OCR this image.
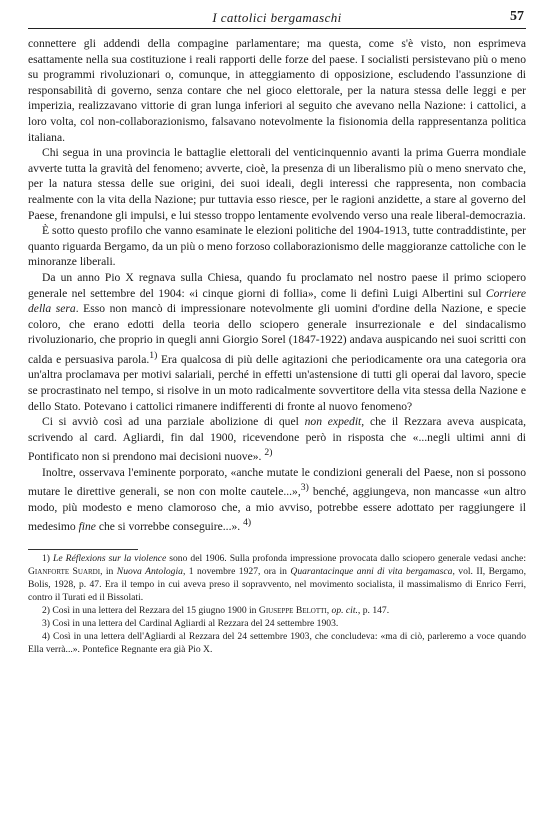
I cattolici bergamaschi	57

connettere gli addendi della compagine parlamentare; ma questa, come s'è visto, non esprimeva esattamente nella sua costituzione i reali rapporti delle forze del paese. I socialisti persistevano più o meno su programmi rivoluzionari o, comunque, in atteggiamento di opposizione, escludendo l'assunzione di responsabilità di governo, senza contare che nel gioco elettorale, per la natura stessa delle leggi e per imperizia, realizzavano vittorie di gran lunga inferiori al seguito che avevano nella Nazione: i cattolici, a loro volta, col non-collaborazionismo, falsavano notevolmente la fisionomia della rappresentanza politica italiana.

Chi segua in una provincia le battaglie elettorali del venticinquennio avanti la prima Guerra mondiale avverte tutta la gravità del fenomeno; avverte, cioè, la presenza di un liberalismo più o meno snervato che, per la natura stessa delle sue origini, dei suoi ideali, degli interessi che rappresenta, non combacia realmente con la vita della Nazione; pur tuttavia esso riesce, per le ragioni anzidette, a stare al governo del Paese, frenandone gli impulsi, e lui stesso troppo lentamente evolvendo verso una reale liberal-democrazia.

È sotto questo profilo che vanno esaminate le elezioni politiche del 1904-1913, tutte contraddistinte, per quanto riguarda Bergamo, da un più o meno forzoso collaborazionismo delle maggioranze cattoliche con le minoranze liberali.

Da un anno Pio X regnava sulla Chiesa, quando fu proclamato nel nostro paese il primo sciopero generale nel settembre del 1904: «i cinque giorni di follia», come li definì Luigi Albertini sul Corriere della sera. Esso non mancò di impressionare notevolmente gli uomini d'ordine della Nazione, e specie coloro, che erano edotti della teoria dello sciopero generale insurrezionale e del sindacalismo rivoluzionario, che proprio in quegli anni Giorgio Sorel (1847-1922) andava auspicando nei suoi scritti con calda e persuasiva parola.$^{1)}$ Era qualcosa di più delle agitazioni che periodicamente ora una categoria ora un'altra proclamava per motivi salariali, perché in effetti un'astensione di tutti gli operai dal lavoro, specie se procrastinato nel tempo, si risolve in un moto radicalmente sovvertitore della vita stessa della Nazione e dello Stato. Potevano i cattolici rimanere indifferenti di fronte al nuovo fenomeno?

Ci si avviò così ad una parziale abolizione di quel non expedit, che il Rezzara aveva auspicata, scrivendo al card. Agliardi, fin dal 1900, ricevendone però in risposta che «...negli ultimi anni di Pontificato non si prendono mai decisioni nuove». $^{2)}$

Inoltre, osservava l'eminente porporato, «anche mutate le condizioni generali del Paese, non si possono mutare le direttive generali, se non con molte cautele...»,$^{3)}$ benché, aggiungeva, non mancasse «un altro modo, più modesto e meno clamoroso che, a mio avviso, potrebbe essere adottato per raggiungere il medesimo fine che si vorrebbe conseguire...». $^{4)}$

1) Le Réflexions sur la violence sono del 1906. Sulla profonda impressione provocata dallo sciopero generale vedasi anche: Gianforte Suardi, in Nuova Antologia, 1 novembre 1927, ora in Quarantacinque anni di vita bergamasca, vol. II, Bergamo, Bolis, 1928, p. 47. Era il tempo in cui aveva preso il sopravvento, nel movimento socialista, il massimalismo di Enrico Ferri, contro il Turati ed il Bissolati.

2) Così in una lettera del Rezzara del 15 giugno 1900 in Giuseppe Belotti, op. cit., p. 147.

3) Così in una lettera del Cardinal Agliardi al Rezzara del 24 settembre 1903.

4) Così in una lettera dell'Agliardi al Rezzara del 24 settembre 1903, che concludeva: «ma di ciò, parleremo a voce quando Ella verrà...». Pontefice Regnante era già Pio X.
